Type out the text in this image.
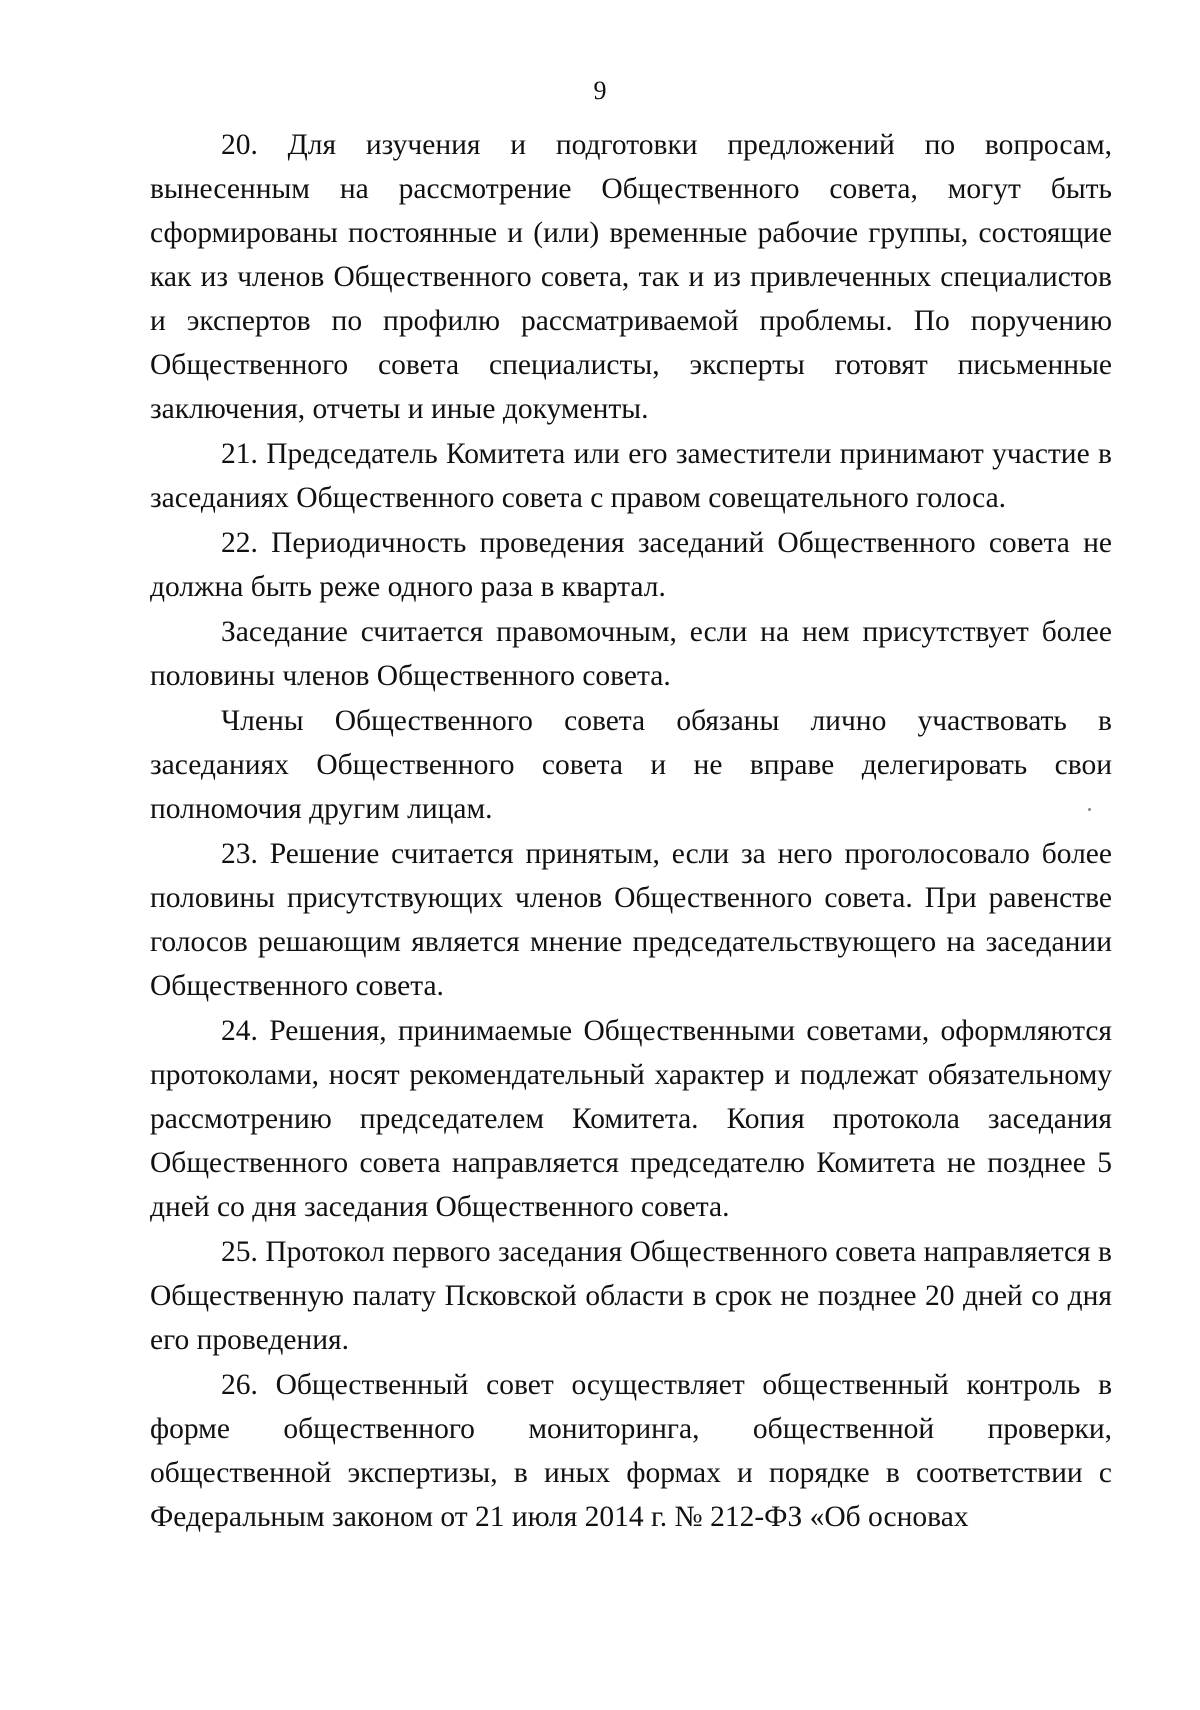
9

20. Для изучения и подготовки предложений по вопросам, вынесенным на рассмотрение Общественного совета, могут быть сформированы постоянные и (или) временные рабочие группы, состоящие как из членов Общественного совета, так и из привлеченных специалистов и экспертов по профилю рассматриваемой проблемы. По поручению Общественного совета специалисты, эксперты готовят письменные заключения, отчеты и иные документы.

21. Председатель Комитета или его заместители принимают участие в заседаниях Общественного совета с правом совещательного голоса.

22. Периодичность проведения заседаний Общественного совета не должна быть реже одного раза в квартал.

Заседание считается правомочным, если на нем присутствует более половины членов Общественного совета.

Члены Общественного совета обязаны лично участвовать в заседаниях Общественного совета и не вправе делегировать свои полномочия другим лицам.

23. Решение считается принятым, если за него проголосовало более половины присутствующих членов Общественного совета. При равенстве голосов решающим является мнение председательствующего на заседании Общественного совета.

24. Решения, принимаемые Общественными советами, оформляются протоколами, носят рекомендательный характер и подлежат обязательному рассмотрению председателем Комитета. Копия протокола заседания Общественного совета направляется председателю Комитета не позднее 5 дней со дня заседания Общественного совета.

25. Протокол первого заседания Общественного совета направляется в Общественную палату Псковской области в срок не позднее 20 дней со дня его проведения.

26. Общественный совет осуществляет общественный контроль в форме общественного мониторинга, общественной проверки, общественной экспертизы, в иных формах и порядке в соответствии с Федеральным законом от 21 июля 2014 г. № 212-ФЗ «Об основах
